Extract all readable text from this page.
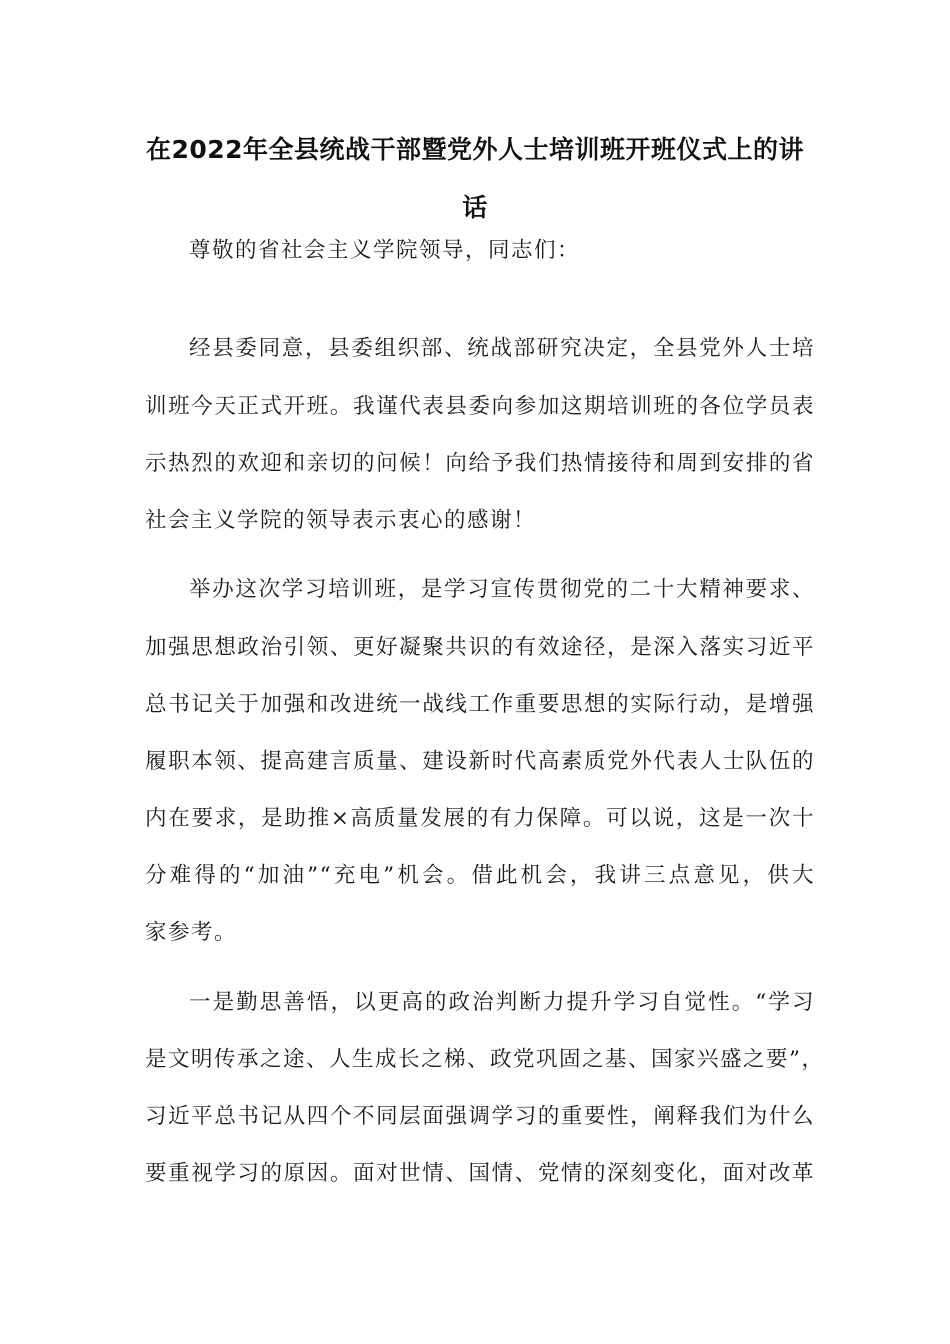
在2022年全县统战干部暨党外人士培训班开班仪式上的讲
话
尊敬的省社会主义学院领导，同志们：
经县委同意，县委组织部、统战部研究决定，全县党外人士培
训班今天正式开班。我谨代表县委向参加这期培训班的各位学员表
示热烈的欢迎和亲切的问候！向给予我们热情接待和周到安排的省
社会主义学院的领导表示衷心的感谢！
举办这次学习培训班，是学习宣传贯彻党的二十大精神要求、
加强思想政治引领、更好凝聚共识的有效途径，是深入落实习近平
总书记关于加强和改进统一战线工作重要思想的实际行动，是增强
履职本领、提高建言质量、建设新时代高素质党外代表人士队伍的
内在要求，是助推×高质量发展的有力保障。可以说，这是一次十
分难得的“加油”“充电”机会。借此机会，我讲三点意见，供大
家参考。
一是勤思善悟，以更高的政治判断力提升学习自觉性。“学习
是文明传承之途、人生成长之梯、政党巩固之基、国家兴盛之要”，
习近平总书记从四个不同层面强调学习的重要性，阐释我们为什么
要重视学习的原因。面对世情、国情、党情的深刻变化，面对改革
